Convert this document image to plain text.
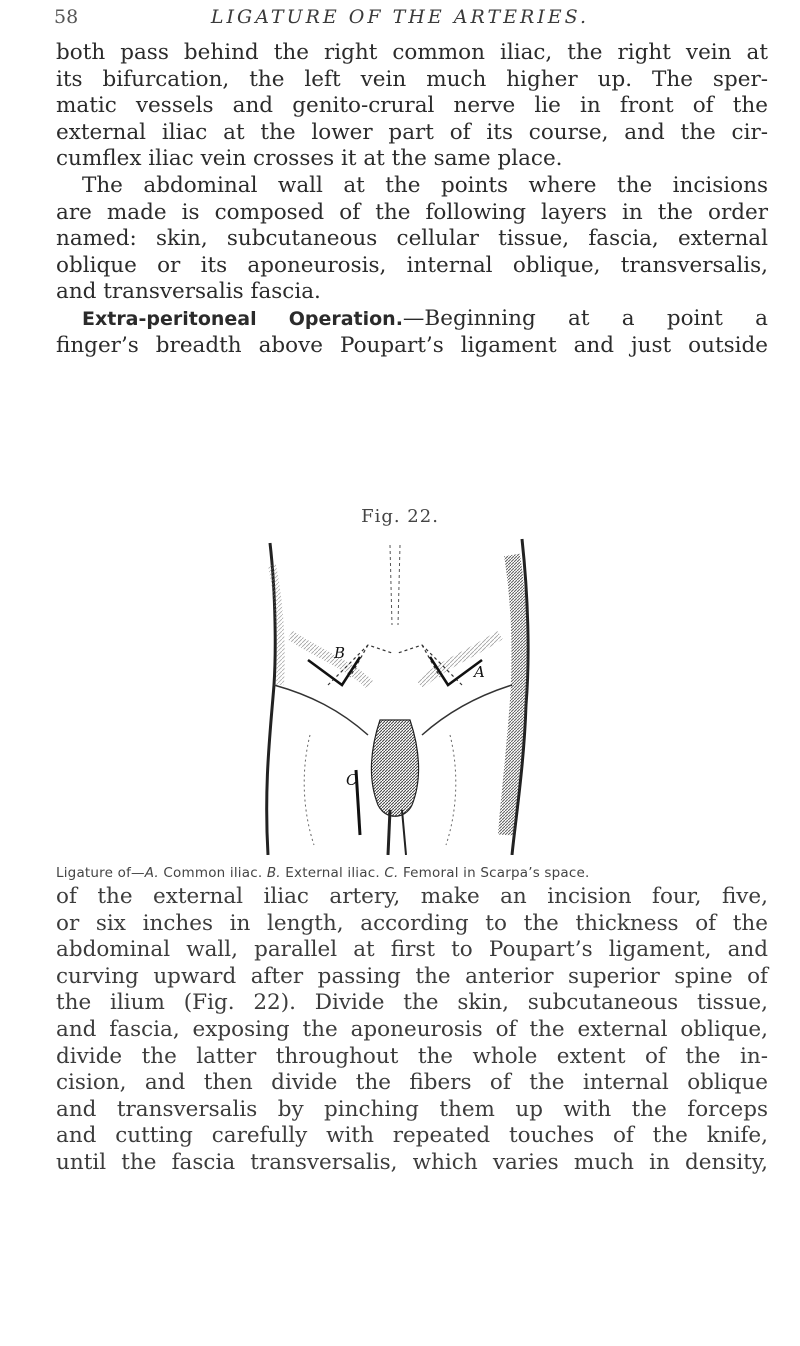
58	LIGATURE OF THE ARTERIES.

both pass behind the right common iliac, the right vein at
its bifurcation, the left vein much higher up. The sper-
matic vessels and genito-crural nerve lie in front of the
external iliac at the lower part of its course, and the cir-
cumflex iliac vein crosses it at the same place.

The abdominal wall at the points where the incisions
are made is composed of the following layers in the order
named: skin, subcutaneous cellular tissue, fascia, external
oblique or its aponeurosis, internal oblique, transversalis,
and transversalis fascia.

Extra-peritoneal Operation.—Beginning at a point a
finger’s breadth above Poupart’s ligament and just outside

Fig. 22.
B
A
C
Ligature of—A. Common iliac. B. External iliac. C. Femoral in Scarpa’s space.

of the external iliac artery, make an incision four, five,
or six inches in length, according to the thickness of the
abdominal wall, parallel at first to Poupart’s ligament, and
curving upward after passing the anterior superior spine of
the ilium (Fig. 22). Divide the skin, subcutaneous tissue,
and fascia, exposing the aponeurosis of the external oblique,
divide the latter throughout the whole extent of the in-
cision, and then divide the fibers of the internal oblique
and transversalis by pinching them up with the forceps
and cutting carefully with repeated touches of the knife,
until the fascia transversalis, which varies much in density,
